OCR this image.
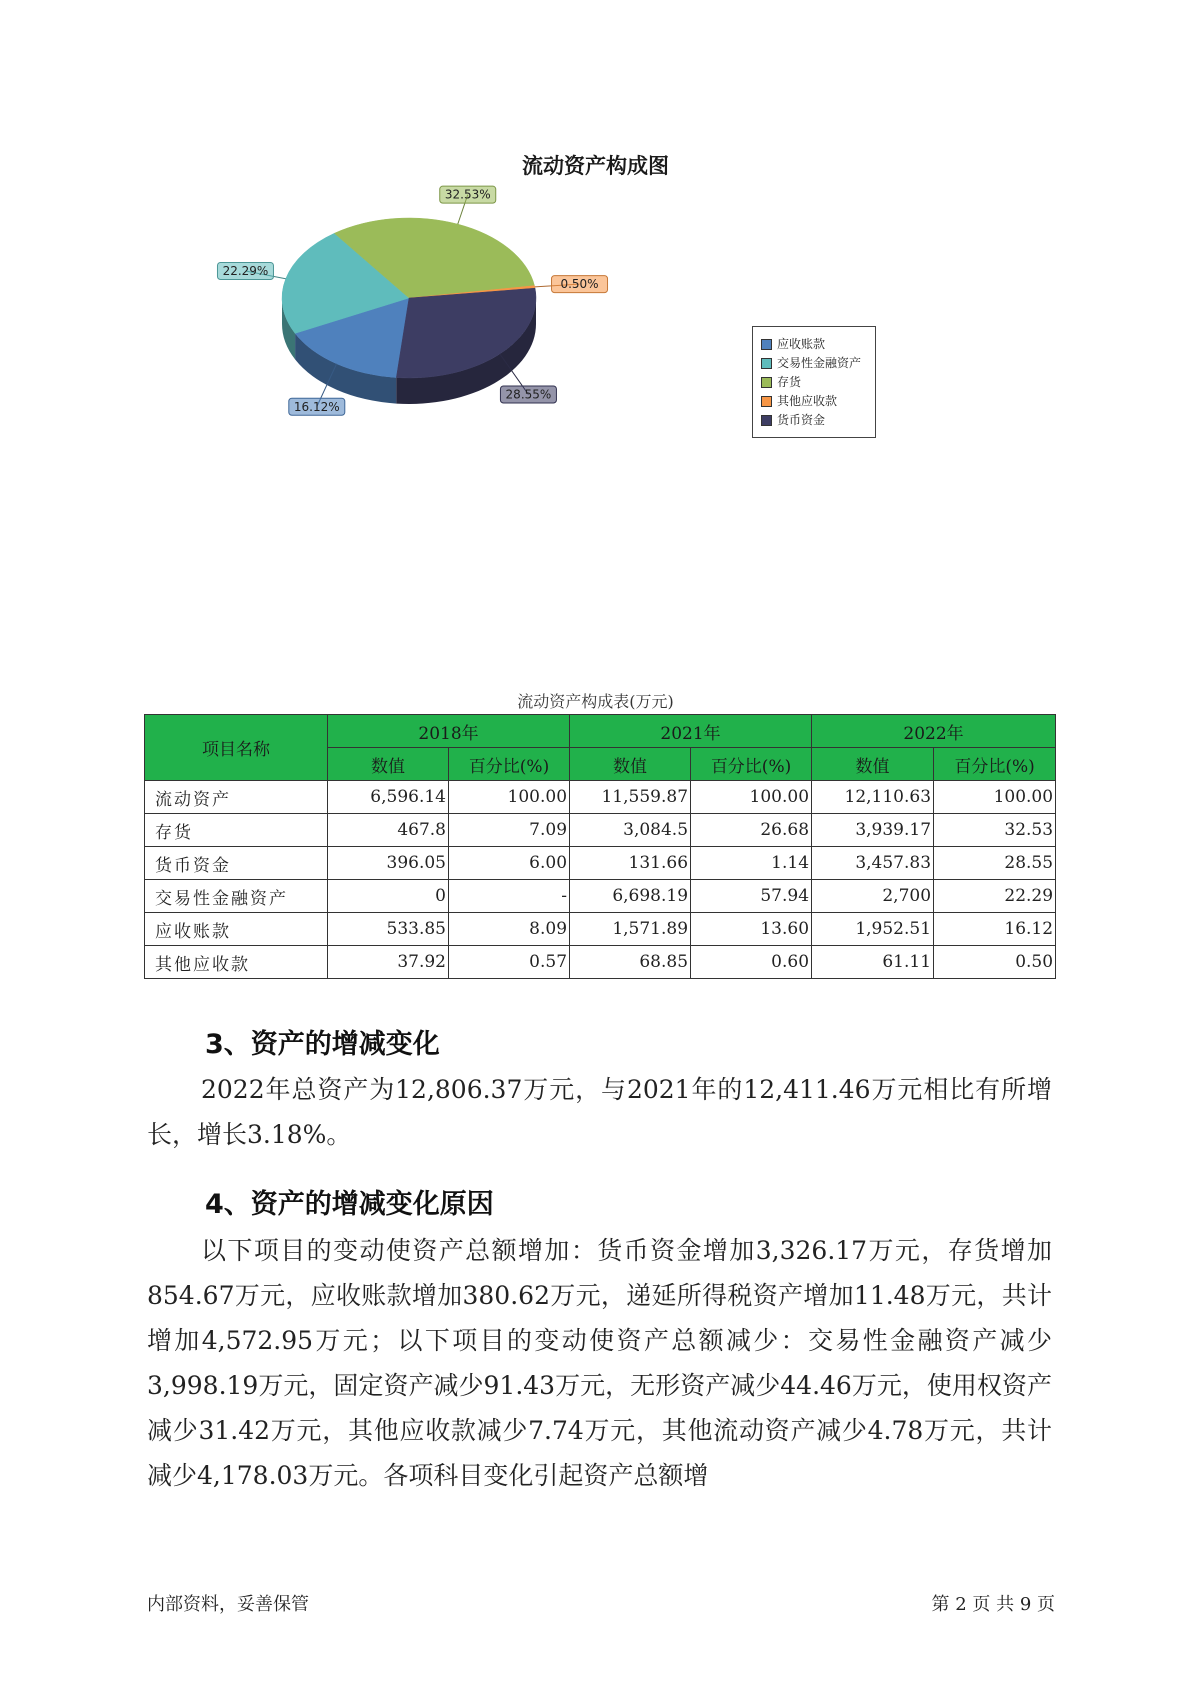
流动资产构成图
16.12%
22.29%
32.53%
0.50%
28.55%
应收账款
交易性金融资产
存货
其他应收款
货币资金
流动资产构成表(万元)
项目名称	2018年		2021年		2022年	
	数值	百分比(%)	数值	百分比(%)	数值	百分比(%)
流动资产	6,596.14	100.00	11,559.87	100.00	12,110.63	100.00
存货	467.8	7.09	3,084.5	26.68	3,939.17	32.53
货币资金	396.05	6.00	131.66	1.14	3,457.83	28.55
交易性金融资产	0	-	6,698.19	57.94	2,700	22.29
应收账款	533.85	8.09	1,571.89	13.60	1,952.51	16.12
其他应收款	37.92	0.57	68.85	0.60	61.11	0.50
3、资产的增减变化

2022年总资产为12,806.37万元，与2021年的12,411.46万元相比有所增长，增长3.18%。

4、资产的增减变化原因

以下项目的变动使资产总额增加：货币资金增加3,326.17万元，存货增加854.67万元，应收账款增加380.62万元，递延所得税资产增加11.48万元，共计增加4,572.95万元；以下项目的变动使资产总额减少：交易性金融资产减少3,998.19万元，固定资产减少91.43万元，无形资产减少44.46万元，使用权资产减少31.42万元，其他应收款减少7.74万元，其他流动资产减少4.78万元，共计减少4,178.03万元。各项科目变化引起资产总额增

内部资料，妥善保管	第 2 页 共 9 页
